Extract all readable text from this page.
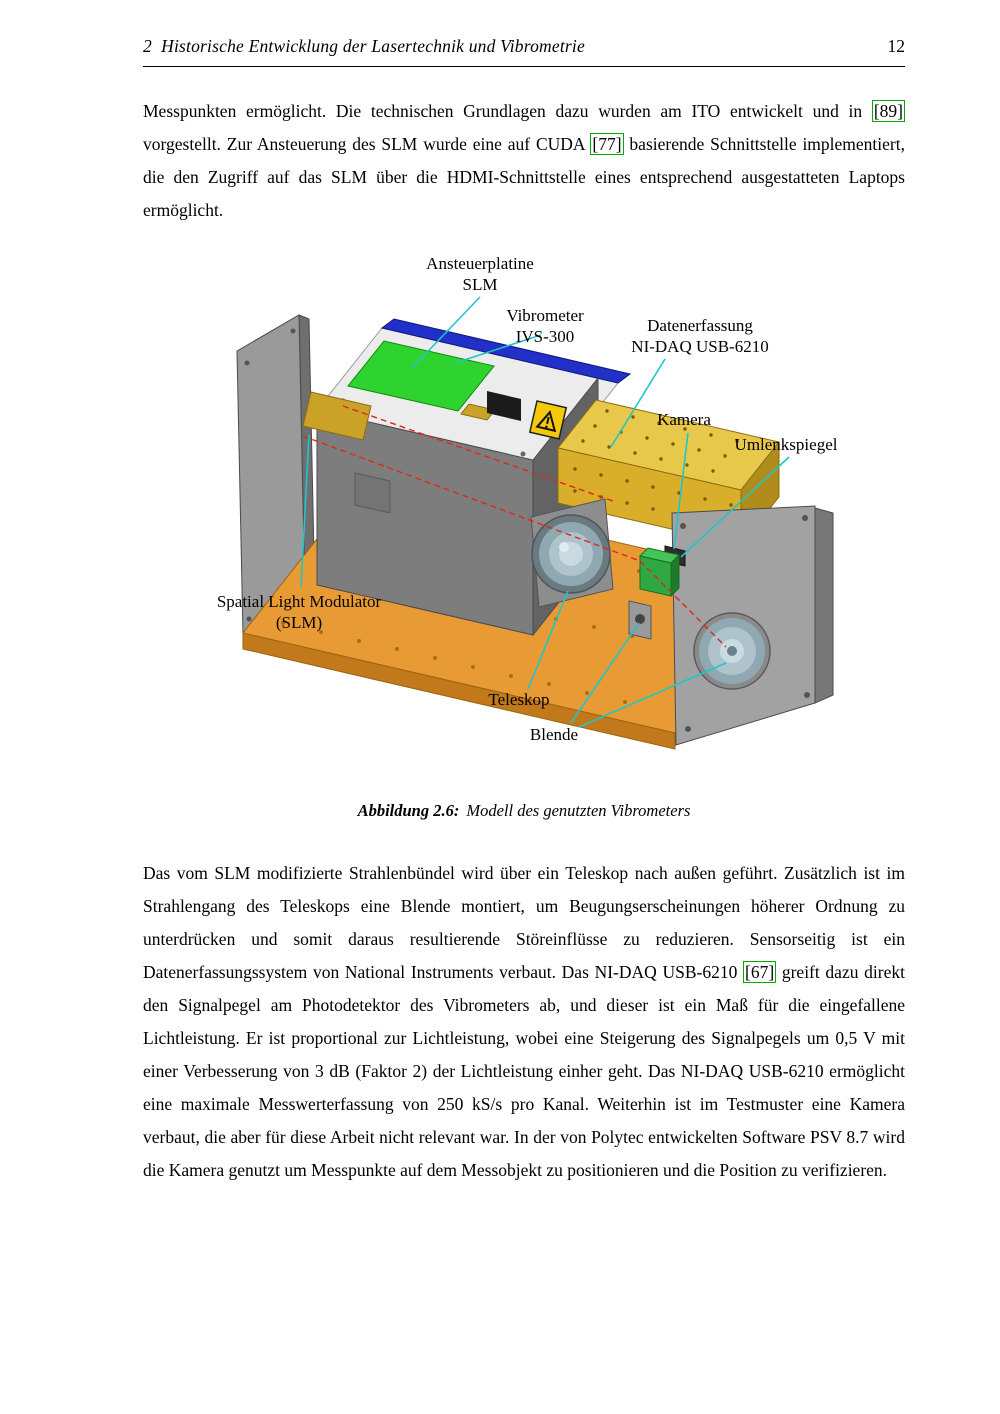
2  Historische Entwicklung der Lasertechnik und Vibrometrie	12

Messpunkten ermöglicht. Die technischen Grundlagen dazu wurden am ITO entwickelt und in [89] vorgestellt. Zur Ansteuerung des SLM wurde eine auf CUDA [77] basierende Schnittstelle implementiert, die den Zugriff auf das SLM über die HDMI-Schnittstelle eines entsprechend ausgestatteten Laptops ermöglicht.

Ansteuerplatine
SLM
Vibrometer
IVS-300
Datenerfassung
NI-DAQ USB-6210
Kamera
Umlenkspiegel
Spatial Light Modulator
(SLM)
Teleskop
Blende
Abbildung 2.6: Modell des genutzten Vibrometers

Das vom SLM modifizierte Strahlenbündel wird über ein Teleskop nach außen geführt. Zusätzlich ist im Strahlengang des Teleskops eine Blende montiert, um Beugungserscheinungen höherer Ordnung zu unterdrücken und somit daraus resultierende Störeinflüsse zu reduzieren. Sensorseitig ist ein Datenerfassungssystem von National Instruments verbaut. Das NI-DAQ USB-6210 [67] greift dazu direkt den Signalpegel am Photodetektor des Vibrometers ab, und dieser ist ein Maß für die eingefallene Lichtleistung. Er ist proportional zur Lichtleistung, wobei eine Steigerung des Signalpegels um 0,5 V mit einer Verbesserung von 3 dB (Faktor 2) der Lichtleistung einher geht. Das NI-DAQ USB-6210 ermöglicht eine maximale Messwerterfassung von 250 kS/s pro Kanal. Weiterhin ist im Testmuster eine Kamera verbaut, die aber für diese Arbeit nicht relevant war. In der von Polytec entwickelten Software PSV 8.7 wird die Kamera genutzt um Messpunkte auf dem Messobjekt zu positionieren und die Position zu verifizieren.
